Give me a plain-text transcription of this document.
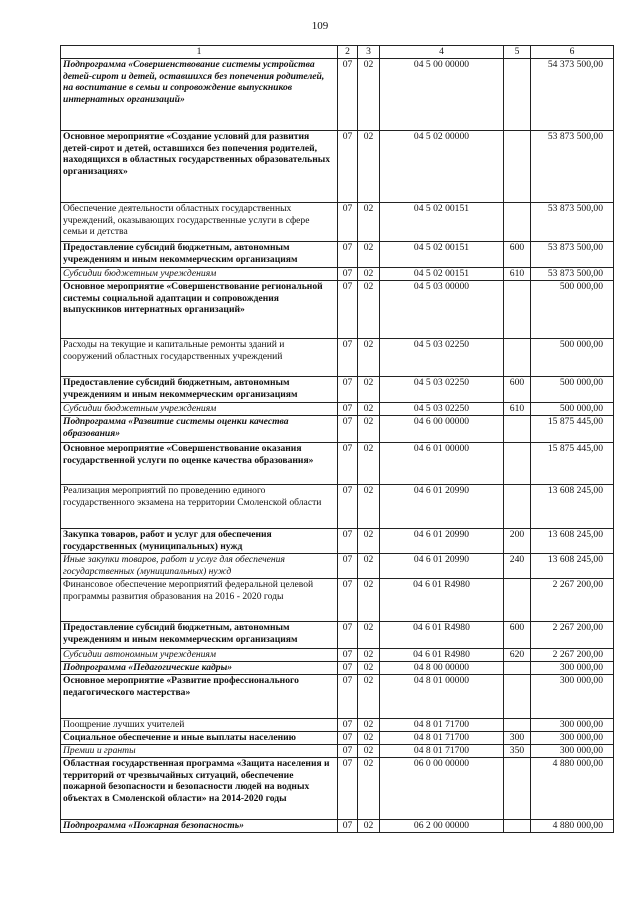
109
1	2	3	4	5	6
Подпрограмма «Совершенствование системы устройства детей-сирот и детей, оставшихся без попечения родителей, на воспитание в семьи и сопровождение выпускников интернатных организаций»	07	02	04 5 00 00000		54 373 500,00
Основное мероприятие «Создание условий для развития детей-сирот и детей, оставшихся без попечения родителей, находящихся в областных государственных образовательных организациях»	07	02	04 5 02 00000		53 873 500,00
Обеспечение деятельности областных государственных учреждений, оказывающих государственные услуги в сфере семьи и детства	07	02	04 5 02 00151		53 873 500,00
Предоставление субсидий бюджетным, автономным учреждениям и иным некоммерческим организациям	07	02	04 5 02 00151	600	53 873 500,00
Субсидии бюджетным учреждениям	07	02	04 5 02 00151	610	53 873 500,00
Основное мероприятие «Совершенствование региональной системы социальной адаптации и сопровождения выпускников интернатных организаций»	07	02	04 5 03 00000		500 000,00
Расходы на текущие и капитальные ремонты зданий и сооружений областных государственных учреждений	07	02	04 5 03 02250		500 000,00
Предоставление субсидий бюджетным, автономным учреждениям и иным некоммерческим организациям	07	02	04 5 03 02250	600	500 000,00
Субсидии бюджетным учреждениям	07	02	04 5 03 02250	610	500 000,00
Подпрограмма «Развитие системы оценки качества образования»	07	02	04 6 00 00000		15 875 445,00
Основное мероприятие «Совершенствование оказания государственной услуги по оценке качества образования»	07	02	04 6 01 00000		15 875 445,00
Реализация мероприятий по проведению единого государственного экзамена на территории Смоленской области	07	02	04 6 01 20990		13 608 245,00
Закупка товаров, работ и услуг для обеспечения государственных (муниципальных) нужд	07	02	04 6 01 20990	200	13 608 245,00
Иные закупки товаров, работ и услуг для обеспечения государственных (муниципальных) нужд	07	02	04 6 01 20990	240	13 608 245,00
Финансовое обеспечение мероприятий федеральной целевой программы развития образования на 2016 - 2020 годы	07	02	04 6 01 R4980		2 267 200,00
Предоставление субсидий бюджетным, автономным учреждениям и иным некоммерческим организациям	07	02	04 6 01 R4980	600	2 267 200,00
Субсидии автономным учреждениям	07	02	04 6 01 R4980	620	2 267 200,00
Подпрограмма «Педагогические кадры»	07	02	04 8 00 00000		300 000,00
Основное мероприятие «Развитие профессионального педагогического мастерства»	07	02	04 8 01 00000		300 000,00
Поощрение лучших учителей	07	02	04 8 01 71700		300 000,00
Социальное обеспечение и иные выплаты населению	07	02	04 8 01 71700	300	300 000,00
Премии и гранты	07	02	04 8 01 71700	350	300 000,00
Областная государственная программа «Защита населения и территорий от чрезвычайных ситуаций, обеспечение пожарной безопасности и безопасности людей на водных объектах в Смоленской области» на 2014-2020 годы	07	02	06 0 00 00000		4 880 000,00
Подпрограмма «Пожарная безопасность»	07	02	06 2 00 00000		4 880 000,00
